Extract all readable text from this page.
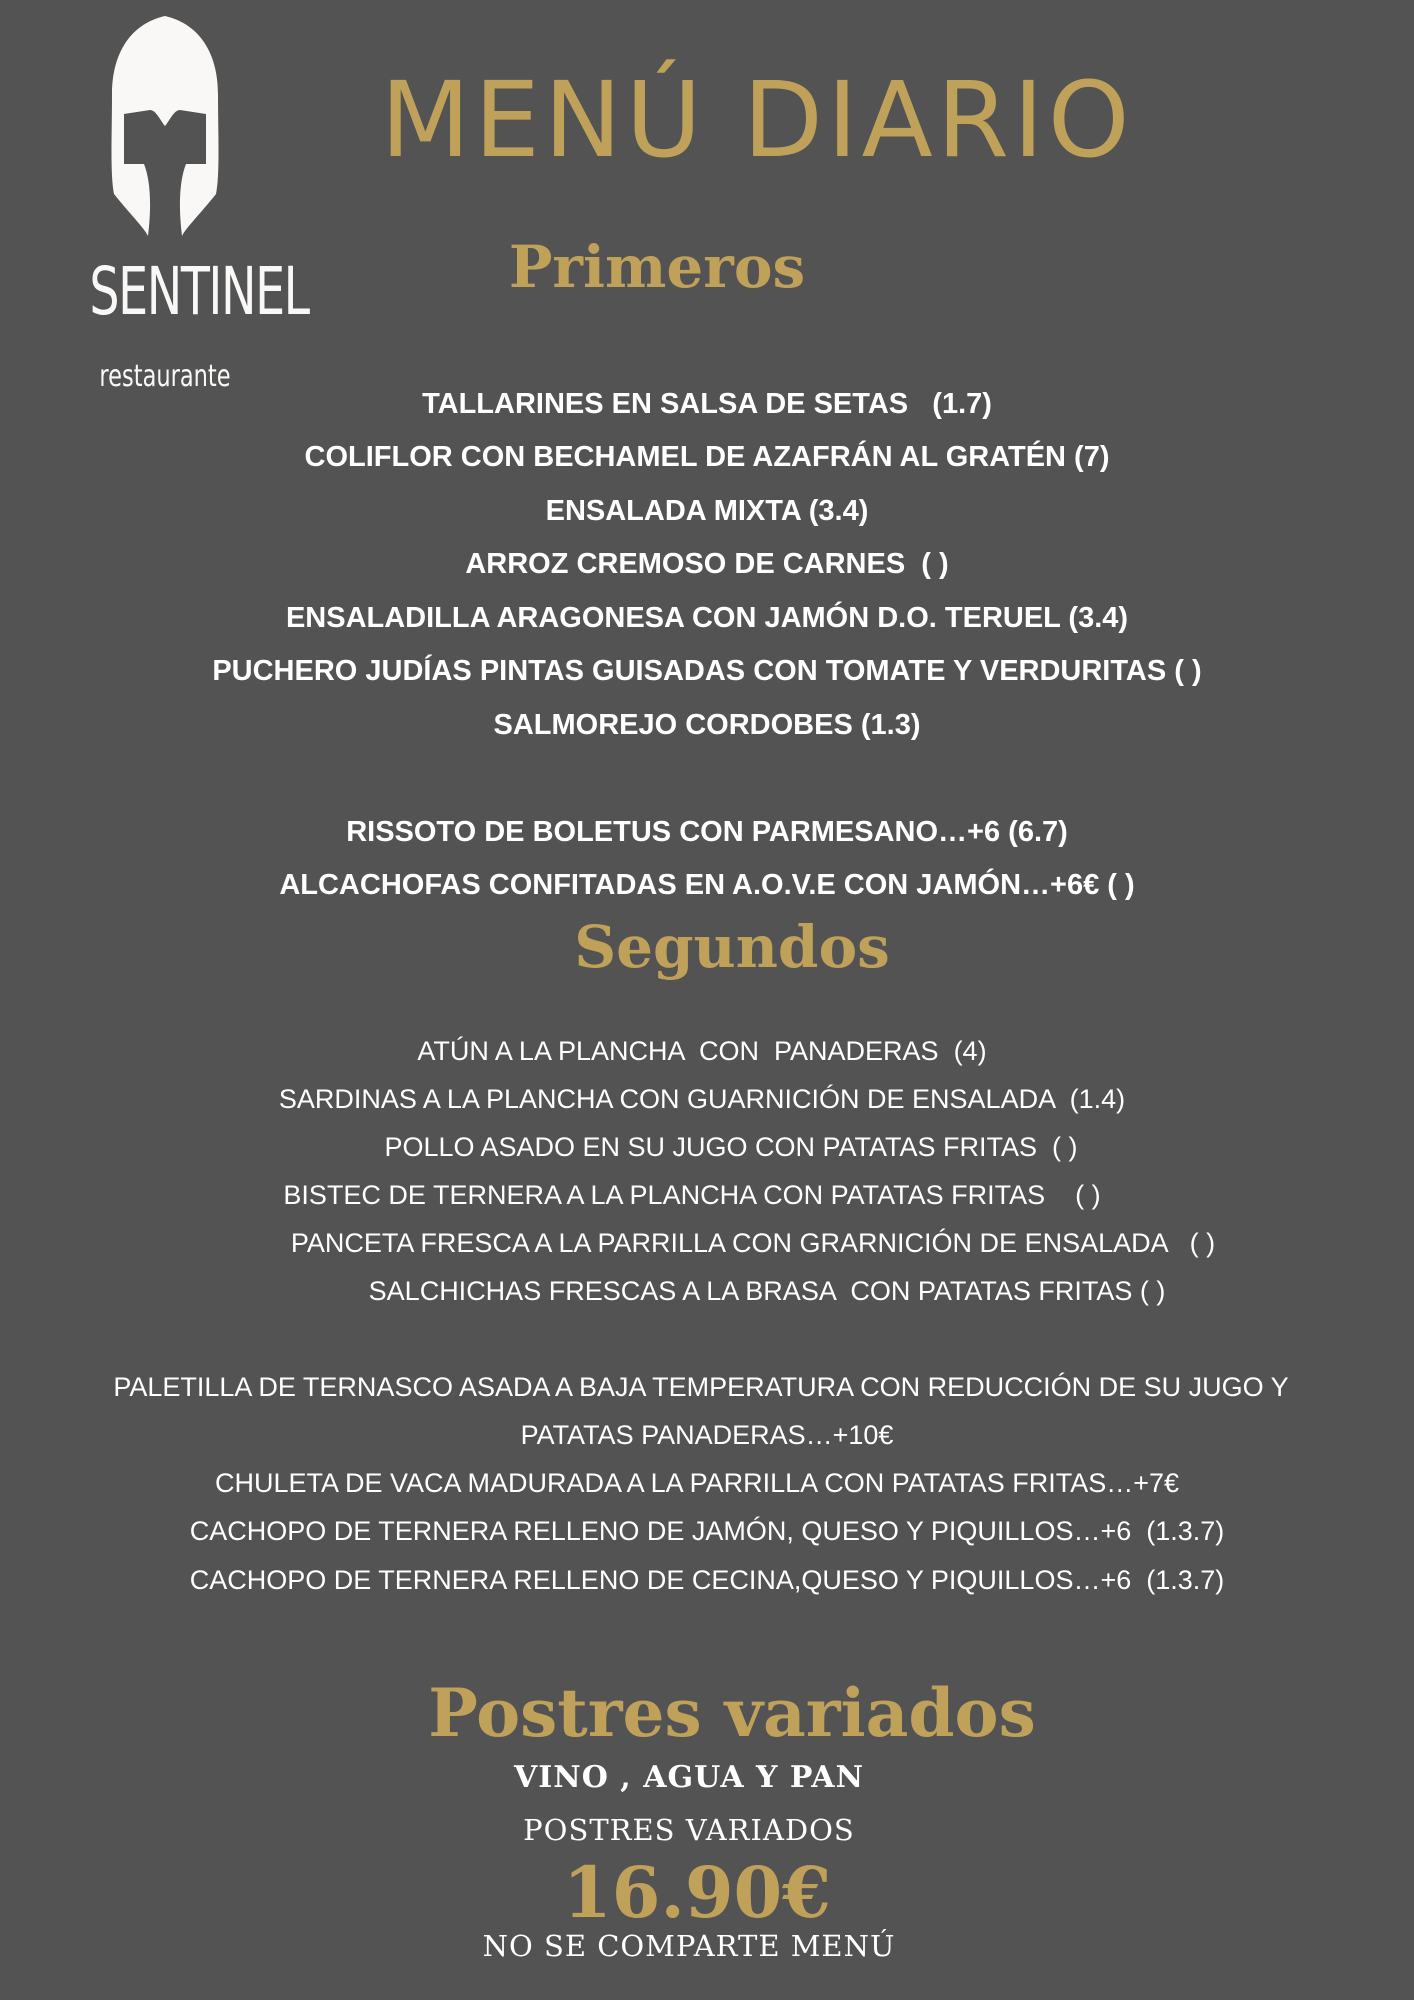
SENTINEL
restaurante
MENÚ DIARIO
Primeros
TALLARINES EN SALSA DE SETAS   (1.7)
COLIFLOR CON BECHAMEL DE AZAFRÁN AL GRATÉN (7)
ENSALADA MIXTA (3.4)
ARROZ CREMOSO DE CARNES  ( )
ENSALADILLA ARAGONESA CON JAMÓN D.O. TERUEL (3.4)
PUCHERO JUDÍAS PINTAS GUISADAS CON TOMATE Y VERDURITAS ( )
SALMOREJO CORDOBES (1.3)
RISSOTO DE BOLETUS CON PARMESANO…+6 (6.7)
ALCACHOFAS CONFITADAS EN A.O.V.E CON JAMÓN…+6€ ( )
Segundos
ATÚN A LA PLANCHA  CON  PANADERAS  (4)
SARDINAS A LA PLANCHA CON GUARNICIÓN DE ENSALADA  (1.4)
POLLO ASADO EN SU JUGO CON PATATAS FRITAS  ( )
BISTEC DE TERNERA A LA PLANCHA CON PATATAS FRITAS    ( )
PANCETA FRESCA A LA PARRILLA CON GRARNICIÓN DE ENSALADA   ( )
SALCHICHAS FRESCAS A LA BRASA  CON PATATAS FRITAS ( )
PALETILLA DE TERNASCO ASADA A BAJA TEMPERATURA CON REDUCCIÓN DE SU JUGO Y
PATATAS PANADERAS…+10€
CHULETA DE VACA MADURADA A LA PARRILLA CON PATATAS FRITAS…+7€
CACHOPO DE TERNERA RELLENO DE JAMÓN, QUESO Y PIQUILLOS…+6  (1.3.7)
CACHOPO DE TERNERA RELLENO DE CECINA,QUESO Y PIQUILLOS…+6  (1.3.7)
Postres variados
VINO , AGUA Y PAN
POSTRES VARIADOS
16.90€
NO SE COMPARTE MENÚ
